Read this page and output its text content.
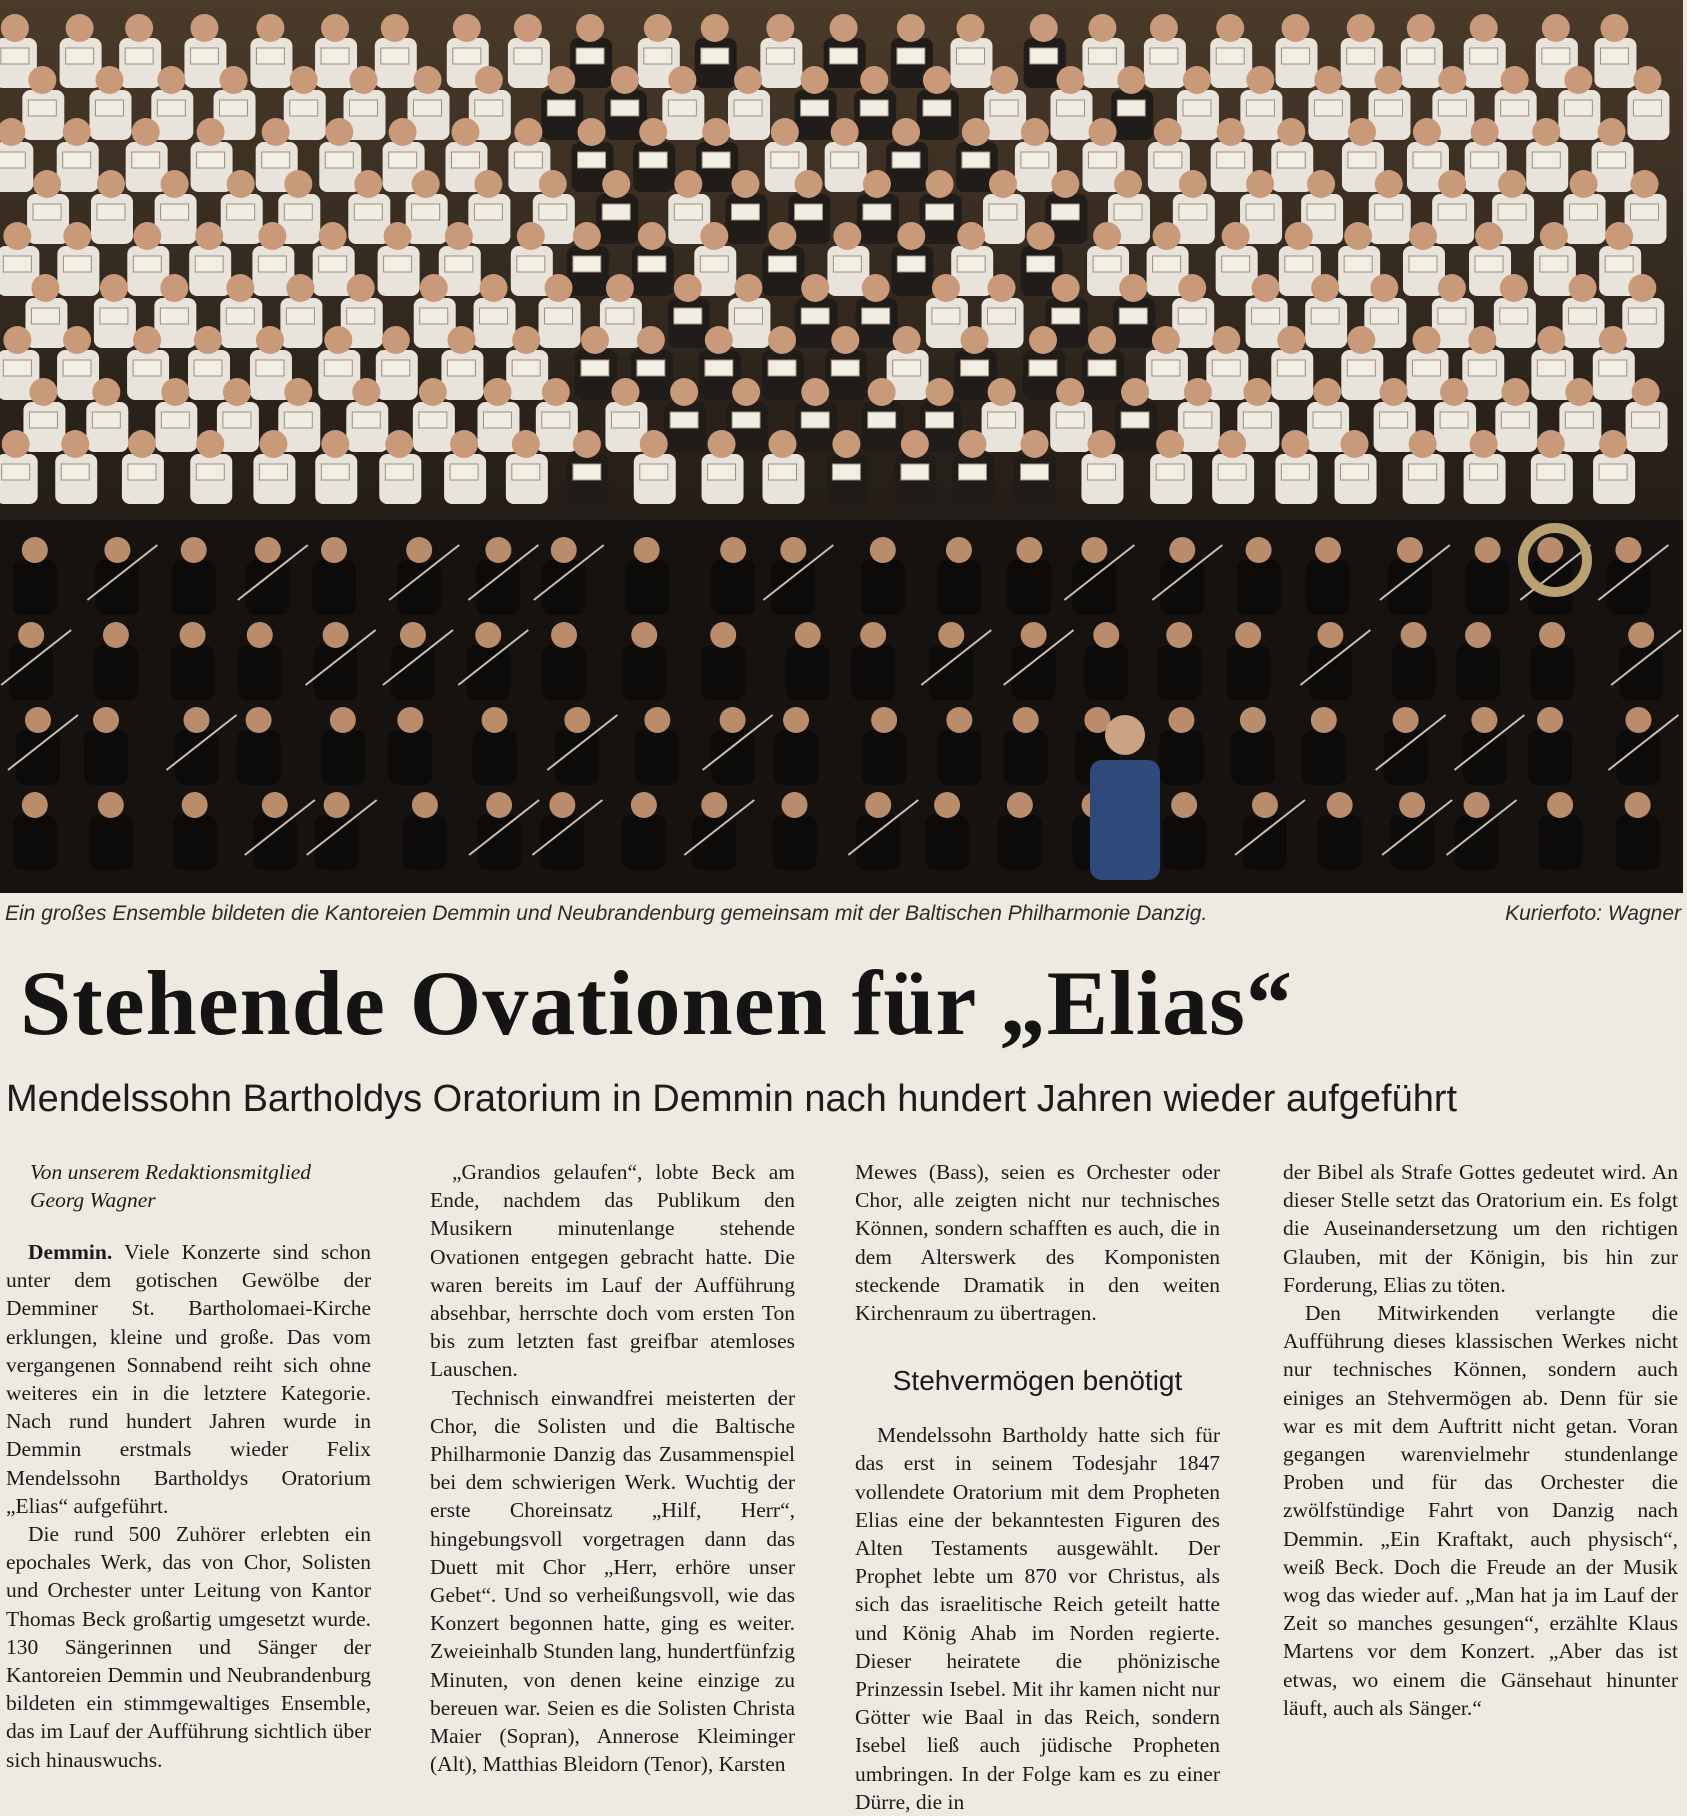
Ein großes Ensemble bildeten die Kantoreien Demmin und Neubrandenburg gemeinsam mit der Baltischen Philharmonie Danzig.	Kurierfoto: Wagner
Stehende Ovationen für „Elias“
Mendelssohn Bartholdys Oratorium in Demmin nach hundert Jahren wieder aufgeführt

Von unserem Redaktionsmitglied
Georg Wagner

Demmin. Viele Konzerte sind schon unter dem gotischen Gewölbe der Demminer St. Bartholomaei-Kirche erklungen, kleine und große. Das vom vergangenen Sonnabend reiht sich ohne weiteres ein in die letztere Kategorie. Nach rund hundert Jahren wurde in Demmin erstmals wieder Felix Mendelssohn Bartholdys Oratorium „Elias“ aufgeführt.

Die rund 500 Zuhörer erlebten ein epochales Werk, das von Chor, Solisten und Orchester unter Leitung von Kantor Thomas Beck großartig umgesetzt wurde. 130 Sängerinnen und Sänger der Kantoreien Demmin und Neubrandenburg bildeten ein stimmgewaltiges Ensemble, das im Lauf der Aufführung sichtlich über sich hinauswuchs.

„Grandios gelaufen“, lobte Beck am Ende, nachdem das Publikum den Musikern minutenlange stehende Ovationen entgegen gebracht hatte. Die waren bereits im Lauf der Aufführung absehbar, herrschte doch vom ersten Ton bis zum letzten fast greifbar atemloses Lauschen.

Technisch einwandfrei meisterten der Chor, die Solisten und die Baltische Philharmonie Danzig das Zusammenspiel bei dem schwierigen Werk. Wuchtig der erste Choreinsatz „Hilf, Herr“, hingebungsvoll vorgetragen dann das Duett mit Chor „Herr, erhöre unser Gebet“. Und so verheißungsvoll, wie das Konzert begonnen hatte, ging es weiter. Zweieinhalb Stunden lang, hundertfünfzig Minuten, von denen keine einzige zu bereuen war. Seien es die Solisten Christa Maier (Sopran), Annerose Kleiminger (Alt), Matthias Bleidorn (Tenor), Karsten

Mewes (Bass), seien es Orchester oder Chor, alle zeigten nicht nur technisches Können, sondern schafften es auch, die in dem Alterswerk des Komponisten steckende Dramatik in den weiten Kirchenraum zu übertragen.

Stehvermögen benötigt

Mendelssohn Bartholdy hatte sich für das erst in seinem Todesjahr 1847 vollendete Oratorium mit dem Propheten Elias eine der bekanntesten Figuren des Alten Testaments ausgewählt. Der Prophet lebte um 870 vor Christus, als sich das israelitische Reich geteilt hatte und König Ahab im Norden regierte. Dieser heiratete die phönizische Prinzessin Isebel. Mit ihr kamen nicht nur Götter wie Baal in das Reich, sondern Isebel ließ auch jüdische Propheten umbringen. In der Folge kam es zu einer Dürre, die in

der Bibel als Strafe Gottes gedeutet wird. An dieser Stelle setzt das Oratorium ein. Es folgt die Auseinandersetzung um den richtigen Glauben, mit der Königin, bis hin zur Forderung, Elias zu töten.

Den Mitwirkenden verlangte die Aufführung dieses klassischen Werkes nicht nur technisches Können, sondern auch einiges an Stehvermögen ab. Denn für sie war es mit dem Auftritt nicht getan. Voran gegangen warenvielmehr stundenlange Proben und für das Orchester die zwölfstündige Fahrt von Danzig nach Demmin. „Ein Kraftakt, auch physisch“, weiß Beck. Doch die Freude an der Musik wog das wieder auf. „Man hat ja im Lauf der Zeit so manches gesungen“, erzählte Klaus Martens vor dem Konzert. „Aber das ist etwas, wo einem die Gänsehaut hinunter läuft, auch als Sänger.“
